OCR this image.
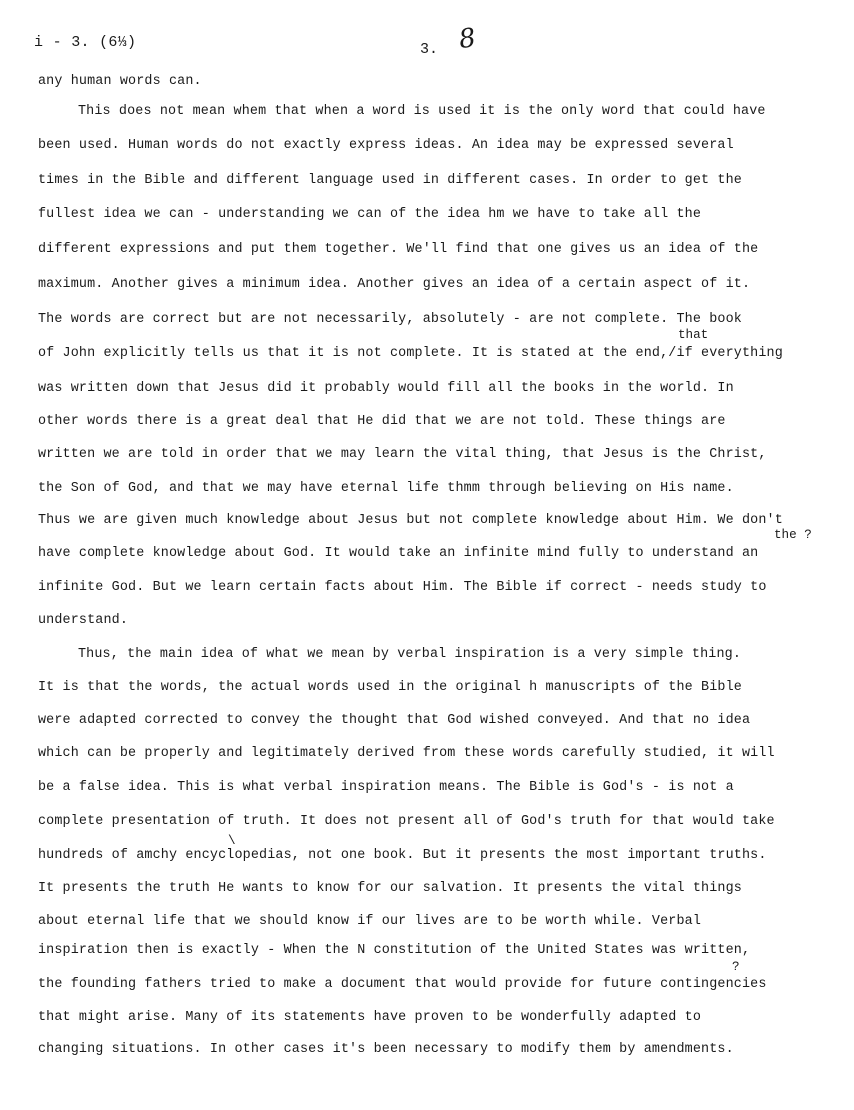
i - 3. (6⅓)	3. 8
any human words can.
This does not mean whem that when a word is used it is the only word that could have
been used. Human words do not exactly express ideas. An idea may be expressed several
times in the Bible and different language used in different cases. In order to get the
fullest idea we can - understanding we can of the idea hm we have to take all the
different expressions and put them together. We'll find that one gives us an idea of the
maximum. Another gives a minimum idea. Another gives an idea of a certain aspect of it.
The words are correct but are not necessarily, absolutely - are not complete. The book
of John explicitly tells us that it is not complete. It is stated at the end,/if everything
was written down that Jesus did it probably would fill all the books in the world. In
other words there is a great deal that He did that we are not told. These things are
written we are told in order that we may learn the vital thing, that Jesus is the Christ,
the Son of God, and that we may have eternal life thmm through believing on His name.
Thus we are given much knowledge about Jesus but not complete knowledge about Him. We don't
have complete knowledge about God. It would take an infinite mind fully to understand an
infinite God. But we learn certain facts about Him. The Bible if correct - needs study to
understand.
Thus, the main idea of what we mean by verbal inspiration is a very simple thing.
It is that the words, the actual words used in the original h manuscripts of the Bible
were adapted corrected to convey the thought that God wished conveyed. And that no idea
which can be properly and legitimately derived from these words carefully studied, it will
be a false idea. This is what verbal inspiration means. The Bible is God's - is not a
complete presentation of truth. It does not present all of God's truth for that would take
hundreds of amchy encyclopedias, not one book. But it presents the most important truths.
It presents the truth He wants to know for our salvation. It presents the vital things
about eternal life that we should know if our lives are to be worth while. Verbal
inspiration then is exactly - When the N constitution of the United States was written,
the founding fathers tried to make a document that would provide for future contingencies
that might arise. Many of its statements have proven to be wonderfully adapted to
changing situations. In other cases it's been necessary to modify them by amendments.
that
the ?
?
\
